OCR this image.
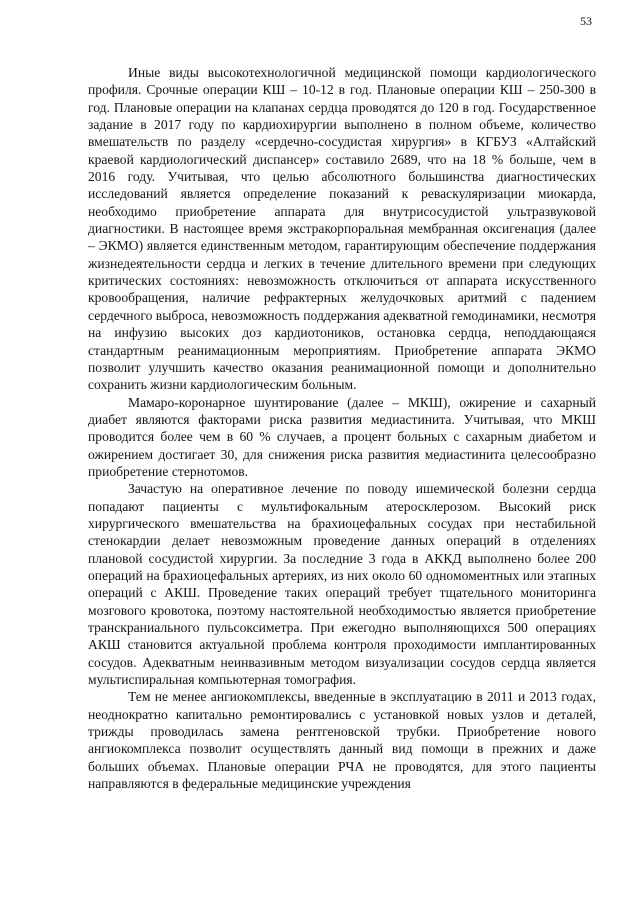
53

Иные виды высокотехнологичной медицинской помощи кардиологического профиля. Срочные операции КШ – 10-12 в год. Плановые операции КШ – 250-300 в год. Плановые операции на клапанах сердца проводятся до 120 в год. Государственное задание в 2017 году по кардиохирургии выполнено в полном объеме, количество вмешательств по разделу «сердечно-сосудистая хирургия» в КГБУЗ «Алтайский краевой кардиологический диспансер» составило 2689, что на 18 % больше, чем в 2016 году. Учитывая, что целью абсолютного большинства диагностических исследований является определение показаний к реваскуляризации миокарда, необходимо приобретение аппарата для внутрисосудистой ультразвуковой диагностики. В настоящее время экстракорпоральная мембранная оксигенация (далее – ЭКМО) является единственным методом, гарантирующим обеспечение поддержания жизнедеятельности сердца и легких в течение длительного времени при следующих критических состояниях: невозможность отключиться от аппарата искусственного кровообращения, наличие рефрактерных желудочковых аритмий с падением сердечного выброса, невозможность поддержания адекватной гемодинамики, несмотря на инфузию высоких доз кардиотоников, остановка сердца, неподдающаяся стандартным реанимационным мероприятиям. Приобретение аппарата ЭКМО позволит улучшить качество оказания реанимационной помощи и дополнительно сохранить жизни кардиологическим больным.

Мамаро-коронарное шунтирование (далее – МКШ), ожирение и сахарный диабет являются факторами риска развития медиастинита. Учитывая, что МКШ проводится более чем в 60 % случаев, а процент больных с сахарным диабетом и ожирением достигает 30, для снижения риска развития медиастинита целесообразно приобретение стернотомов.

Зачастую на оперативное лечение по поводу ишемической болезни сердца попадают пациенты с мультифокальным атеросклерозом. Высокий риск хирургического вмешательства на брахиоцефальных сосудах при нестабильной стенокардии делает невозможным проведение данных операций в отделениях плановой сосудистой хирургии. За последние 3 года в АККД выполнено более 200 операций на брахиоцефальных артериях, из них около 60 одномоментных или этапных операций с АКШ. Проведение таких операций требует тщательного мониторинга мозгового кровотока, поэтому настоятельной необходимостью является приобретение транскраниального пульсоксиметра. При ежегодно выполняющихся 500 операциях АКШ становится актуальной проблема контроля проходимости имплантированных сосудов. Адекватным неинвазивным методом визуализации сосудов сердца является мультиспиральная компьютерная томография.

Тем не менее ангиокомплексы, введенные в эксплуатацию в 2011 и 2013 годах, неоднократно капитально ремонтировались с установкой новых узлов и деталей, трижды проводилась замена рентгеновской трубки. Приобретение нового ангиокомплекса позволит осуществлять данный вид помощи в прежних и даже больших объемах. Плановые операции РЧА не проводятся, для этого пациенты направляются в федеральные медицинские учреждения
